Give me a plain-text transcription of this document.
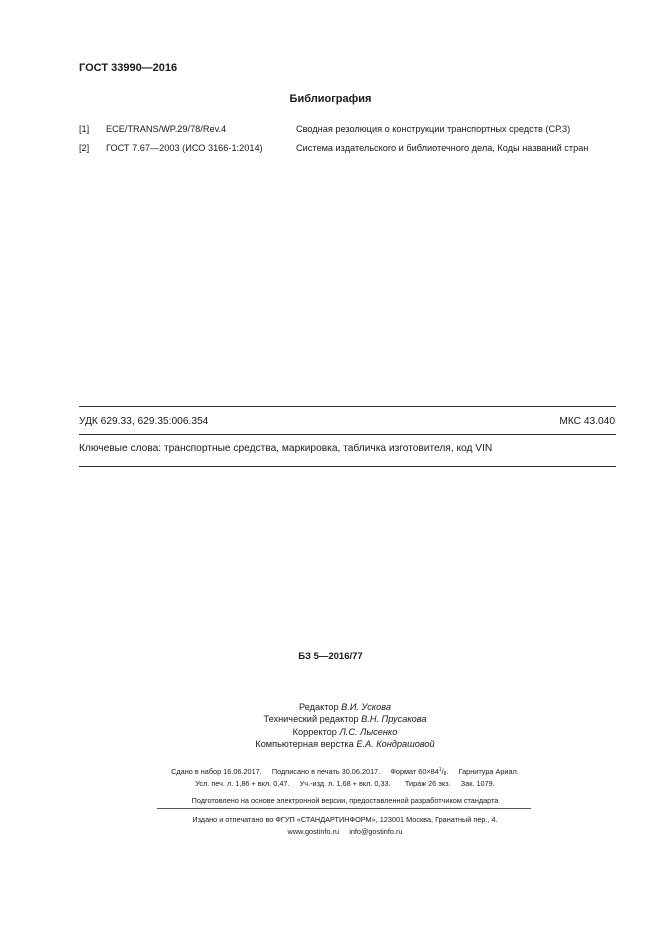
ГОСТ 33990—2016
Библиография
[1] ECE/TRANS/WP.29/78/Rev.4	Сводная резолюция о конструкции транспортных средств (СР.3)
[2] ГОСТ 7.67—2003 (ИСО 3166-1:2014)	Система издательского и библиотечного дела, Коды названий стран
УДК 629.33, 629.35:006.354	МКС 43.040
Ключевые слова: транспортные средства, маркировка, табличка изготовителя, код VIN
БЗ 5—2016/77
Редактор В.И. Ускова
Технический редактор В.Н. Прусакова
Корректор Л.С. Лысенко
Компьютерная верстка Е.А. Кондрашовой
Сдано в набор 16.06.2017. Подписано в печать 30.06.2017. Формат $60\times 84^1/_8$. Гарнитура Ариал.
Усл. печ. л. 1,86 + вкл. 0,47. Уч.-изд. л. 1,68 + вкл. 0,33. Тираж 26 экз. Зак. 1079.
Подготовлено на основе электронной версии, предоставленной разработчиком стандарта
Издано и отпечатано во ФГУП «СТАНДАРТИНФОРМ», 123001 Москва, Гранатный пер., 4.
www.gostinfo.ru info@gostinfo.ru
